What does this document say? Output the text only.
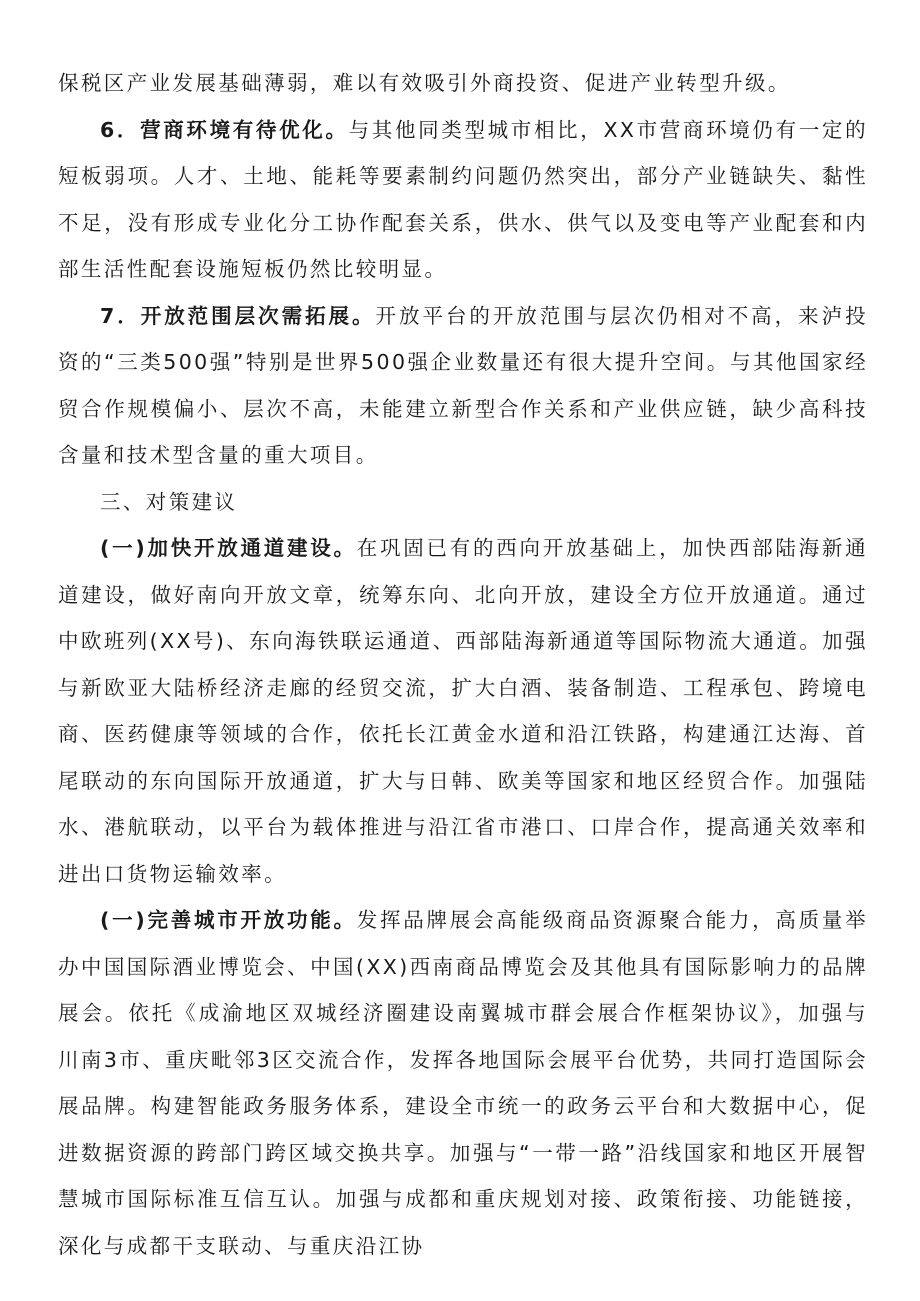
保税区产业发展基础薄弱，难以有效吸引外商投资、促进产业转型升级。

6．营商环境有待优化。与其他同类型城市相比，XX市营商环境仍有一定的短板弱项。人才、土地、能耗等要素制约问题仍然突出，部分产业链缺失、黏性不足，没有形成专业化分工协作配套关系，供水、供气以及变电等产业配套和内部生活性配套设施短板仍然比较明显。

7．开放范围层次需拓展。开放平台的开放范围与层次仍相对不高，来泸投资的“三类500强”特别是世界500强企业数量还有很大提升空间。与其他国家经贸合作规模偏小、层次不高，未能建立新型合作关系和产业供应链，缺少高科技含量和技术型含量的重大项目。

三、对策建议

(一)加快开放通道建设。在巩固已有的西向开放基础上，加快西部陆海新通道建设，做好南向开放文章，统筹东向、北向开放，建设全方位开放通道。通过中欧班列(XX号)、东向海铁联运通道、西部陆海新通道等国际物流大通道。加强与新欧亚大陆桥经济走廊的经贸交流，扩大白酒、装备制造、工程承包、跨境电商、医药健康等领域的合作，依托长江黄金水道和沿江铁路，构建通江达海、首尾联动的东向国际开放通道，扩大与日韩、欧美等国家和地区经贸合作。加强陆水、港航联动，以平台为载体推进与沿江省市港口、口岸合作，提高通关效率和进出口货物运输效率。

(一)完善城市开放功能。发挥品牌展会高能级商品资源聚合能力，高质量举办中国国际酒业博览会、中国(XX)西南商品博览会及其他具有国际影响力的品牌展会。依托《成渝地区双城经济圈建设南翼城市群会展合作框架协议》，加强与川南3市、重庆毗邻3区交流合作，发挥各地国际会展平台优势，共同打造国际会展品牌。构建智能政务服务体系，建设全市统一的政务云平台和大数据中心，促进数据资源的跨部门跨区域交换共享。加强与“一带一路”沿线国家和地区开展智慧城市国际标准互信互认。加强与成都和重庆规划对接、政策衔接、功能链接，深化与成都干支联动、与重庆沿江协
